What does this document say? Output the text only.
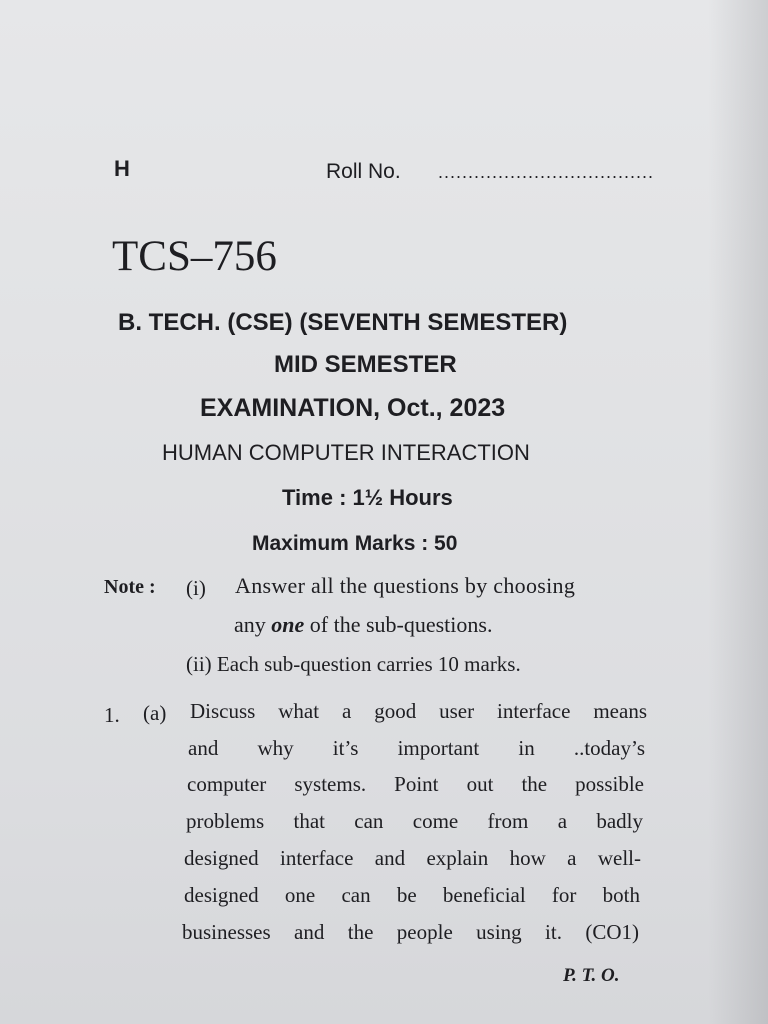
H	Roll No. ....................................
TCS–756
B. TECH. (CSE) (SEVENTH SEMESTER)
MID SEMESTER
EXAMINATION, Oct., 2023
HUMAN COMPUTER INTERACTION
Time : 1½ Hours
Maximum Marks : 50
Note : (i) Answer all the questions by choosing
any one of the sub-questions.
(ii) Each sub-question carries 10 marks.
1. (a) Discuss what a good user interface means
and why it’s important in ..today’s
computer systems. Point out the possible
problems that can come from a badly
designed interface and explain how a well-
designed one can be beneficial for both
businesses and the people using it. (CO1)
P. T. O.
